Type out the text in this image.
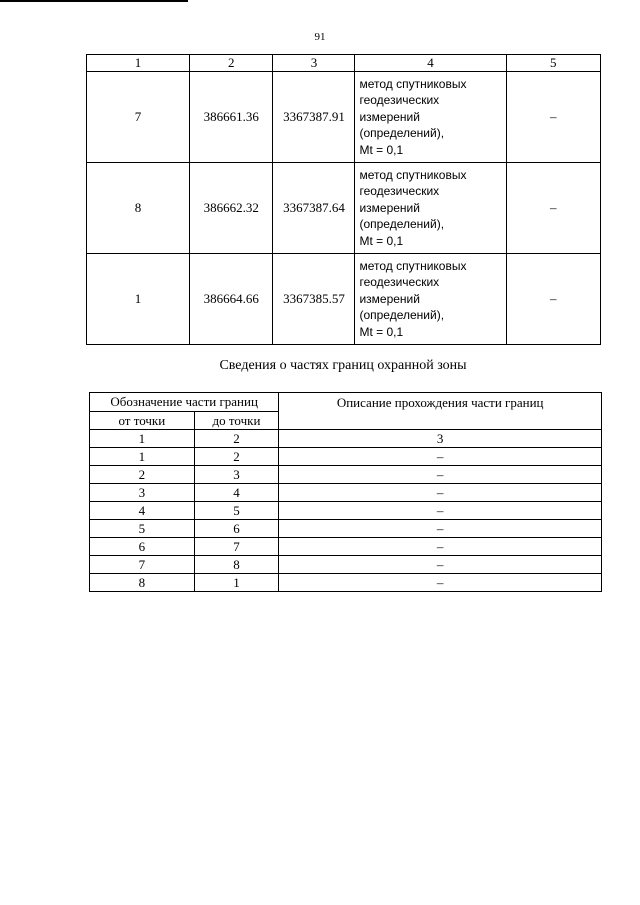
91
1	2	3	4	5
7	386661.36	3367387.91	метод спутниковых
геодезических
измерений
(определений),
Mt = 0,1	–
8	386662.32	3367387.64	метод спутниковых
геодезических
измерений
(определений),
Mt = 0,1	–
1	386664.66	3367385.57	метод спутниковых
геодезических
измерений
(определений),
Mt = 0,1	–
Сведения о частях границ охранной зоны
Обозначение части границ		Описание прохождения части границ
от точки	до точки	
1	2	3
1	2	–
2	3	–
3	4	–
4	5	–
5	6	–
6	7	–
7	8	–
8	1	–
